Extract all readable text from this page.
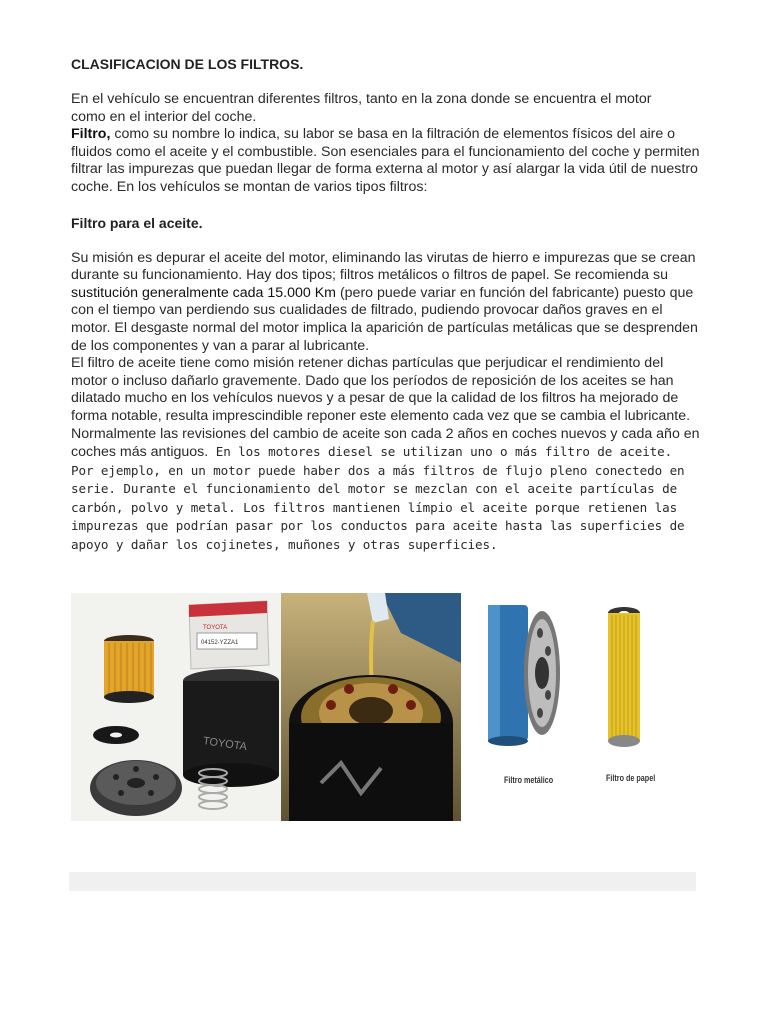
CLASIFICACION DE LOS FILTROS.

En el vehículo se encuentran diferentes filtros, tanto en la zona donde se encuentra el motor
como en el interior del coche.
Filtro, como su nombre lo indica, su labor se basa en la filtración de elementos físicos del aire o fluidos como el aceite y el combustible. Son esenciales para el funcionamiento del coche y permiten filtrar las impurezas que puedan llegar de forma externa al motor y así alargar la vida útil de nuestro coche. En los vehículos se montan de varios tipos filtros:

Filtro para el aceite.

Su misión es depurar el aceite del motor, eliminando las virutas de hierro e impurezas que se crean durante su funcionamiento. Hay dos tipos; filtros metálicos o filtros de papel. Se recomienda su sustitución generalmente cada 15.000 Km (pero puede variar en función del fabricante) puesto que con el tiempo van perdiendo sus cualidades de filtrado, pudiendo provocar daños graves en el motor. El desgaste normal del motor implica la aparición de partículas metálicas que se desprenden de los componentes y van a parar al lubricante.
El filtro de aceite tiene como misión retener dichas partículas que perjudicar el rendimiento del motor o incluso dañarlo gravemente. Dado que los períodos de reposición de los aceites se han dilatado mucho en los vehículos nuevos y a pesar de que la calidad de los filtros ha mejorado de forma notable, resulta imprescindible reponer este elemento cada vez que se cambia el lubricante. Normalmente las revisiones del cambio de aceite son cada 2 años en coches nuevos y cada año en coches más antiguos. En los motores diesel se utilizan uno o más filtro de aceite. Por ejemplo, en un motor puede haber dos a más filtros de flujo pleno conectedo en serie. Durante el funcionamiento del motor se mezclan con el aceite partículas de carbón, polvo y metal. Los filtros mantienen límpio el aceite porque retienen las impurezas que podrían pasar por los conductos para aceite hasta las superficies de apoyo y dañar los cojinetes, muñones y otras superficies.

TOYOTA
04152-YZZA1
TOYOTA
Filtro metálico	Filtro de papel
